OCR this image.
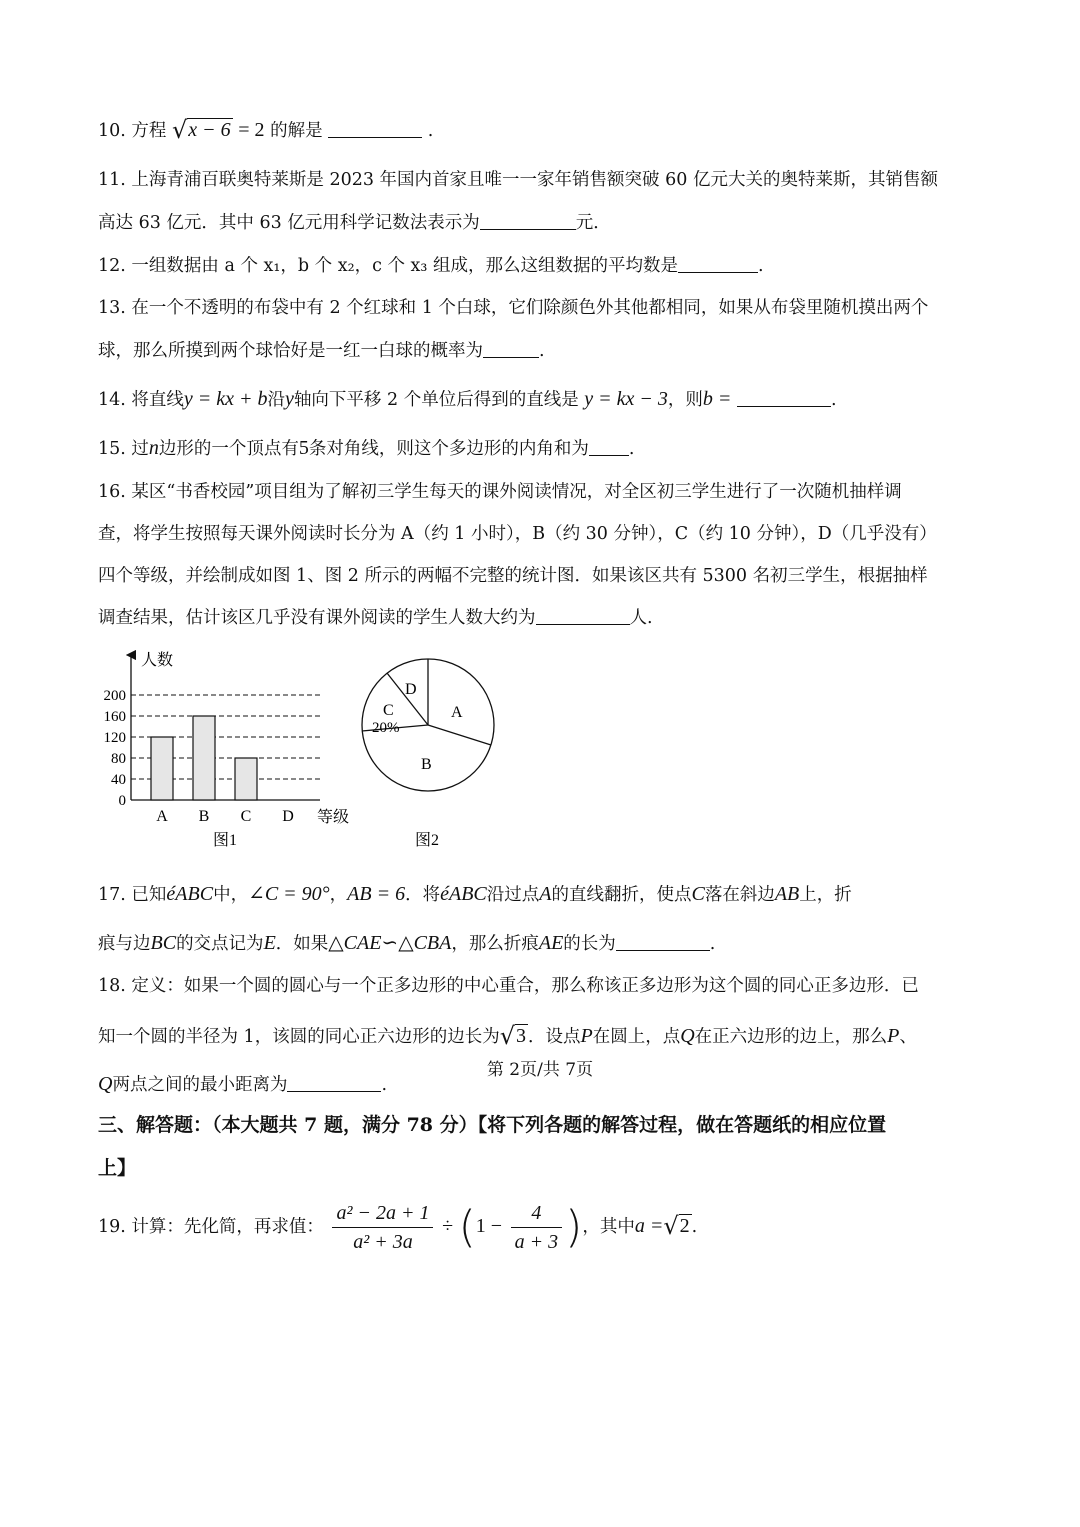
10. 方程 √x − 6 = 2 的解是	.
11. 上海青浦百联奥特莱斯是 2023 年国内首家且唯一一家年销售额突破 60 亿元大关的奥特莱斯，其销售额
高达 63 亿元．其中 63 亿元用科学记数法表示为	元．
12. 一组数据由 a 个 x₁，b 个 x₂，c 个 x₃ 组成，那么这组数据的平均数是	.
13. 在一个不透明的布袋中有 2 个红球和 1 个白球，它们除颜色外其他都相同，如果从布袋里随机摸出两个
球，那么所摸到两个球恰好是一红一白球的概率为	.
14. 将直线y = kx + b沿y轴向下平移 2 个单位后得到的直线是 y = kx − 3，则b =	.
15. 过n边形的一个顶点有5条对角线，则这个多边形的内角和为 .
16. 某区“书香校园”项目组为了解初三学生每天的课外阅读情况，对全区初三学生进行了一次随机抽样调
查，将学生按照每天课外阅读时长分为 A（约 1 小时），B（约 30 分钟），C（约 10 分钟），D（几乎没有）
四个等级，并绘制成如图 1、图 2 所示的两幅不完整的统计图．如果该区共有 5300 名初三学生，根据抽样
调查结果，估计该区几乎没有课外阅读的学生人数大约为	人.
0
40
80
120
160
200
A B C D
人数
等级
图1
A
B
C
20%
D
图2
17. 已知éABC中，∠C = 90°，AB = 6．将éABC沿过点A的直线翻折，使点C落在斜边AB上，折
痕与边BC的交点记为E．如果△CAE∽△CBA，那么折痕AE的长为	.
18. 定义：如果一个圆的圆心与一个正多边形的中心重合，那么称该正多边形为这个圆的同心正多边形．已
知一个圆的半径为 1，该圆的同心正六边形的边长为√3 ．设点P在圆上，点Q在正六边形的边上，那么P、
Q两点之间的最小距离为	.
三、解答题：（本大题共 7 题，满分 78 分）【将下列各题的解答过程，做在答题纸的相应位置
上】
19. 计算：先化简，再求值： $\frac{\text{a² − 2a + 1}}{\text{a² + 3a}} \div (1 - \frac{4}{a + 3}$ )，其中a =√2 .
第 2页/共 7页
